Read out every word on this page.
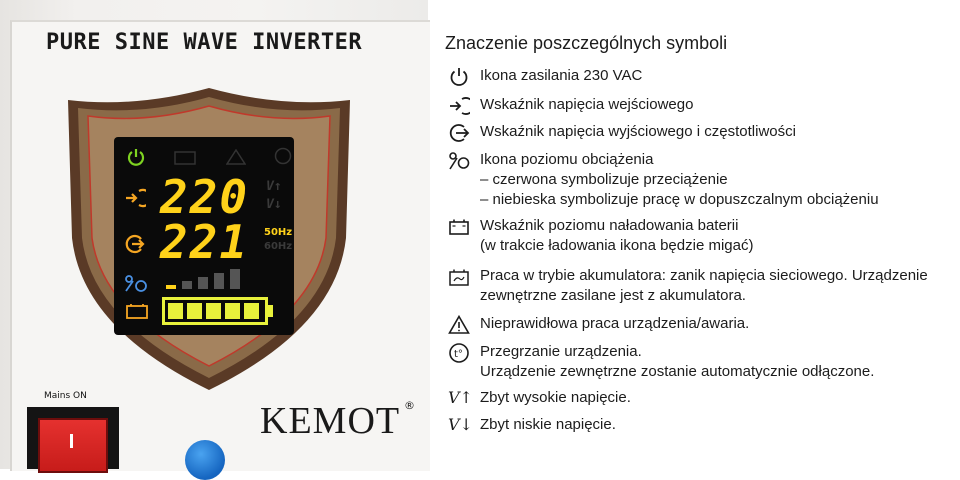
PURE SINE WAVE INVERTER
220 V↑
V↓
221 50Hz
60Hz
Mains ON
KEMOT ®
Znaczenie poszczególnych symboli
Ikona zasilania 230 VAC
Wskaźnik napięcia wejściowego
Wskaźnik napięcia wyjściowego i częstotliwości
Ikona poziomu obciążenia
– czerwona symbolizuje przeciążenie
– niebieska symbolizuje pracę w dopuszczalnym obciążeniu
Wskaźnik poziomu naładowania baterii
(w trakcie ładowania ikona będzie migać)
Praca w trybie akumulatora: zanik napięcia sieciowego. Urządzenie
zewnętrzne zasilane jest z akumulatora.
Nieprawidłowa praca urządzenia/awaria.
t° Przegrzanie urządzenia.
Urządzenie zewnętrzne zostanie automatycznie odłączone.
V↑ Zbyt wysokie napięcie.
V↓ Zbyt niskie napięcie.
